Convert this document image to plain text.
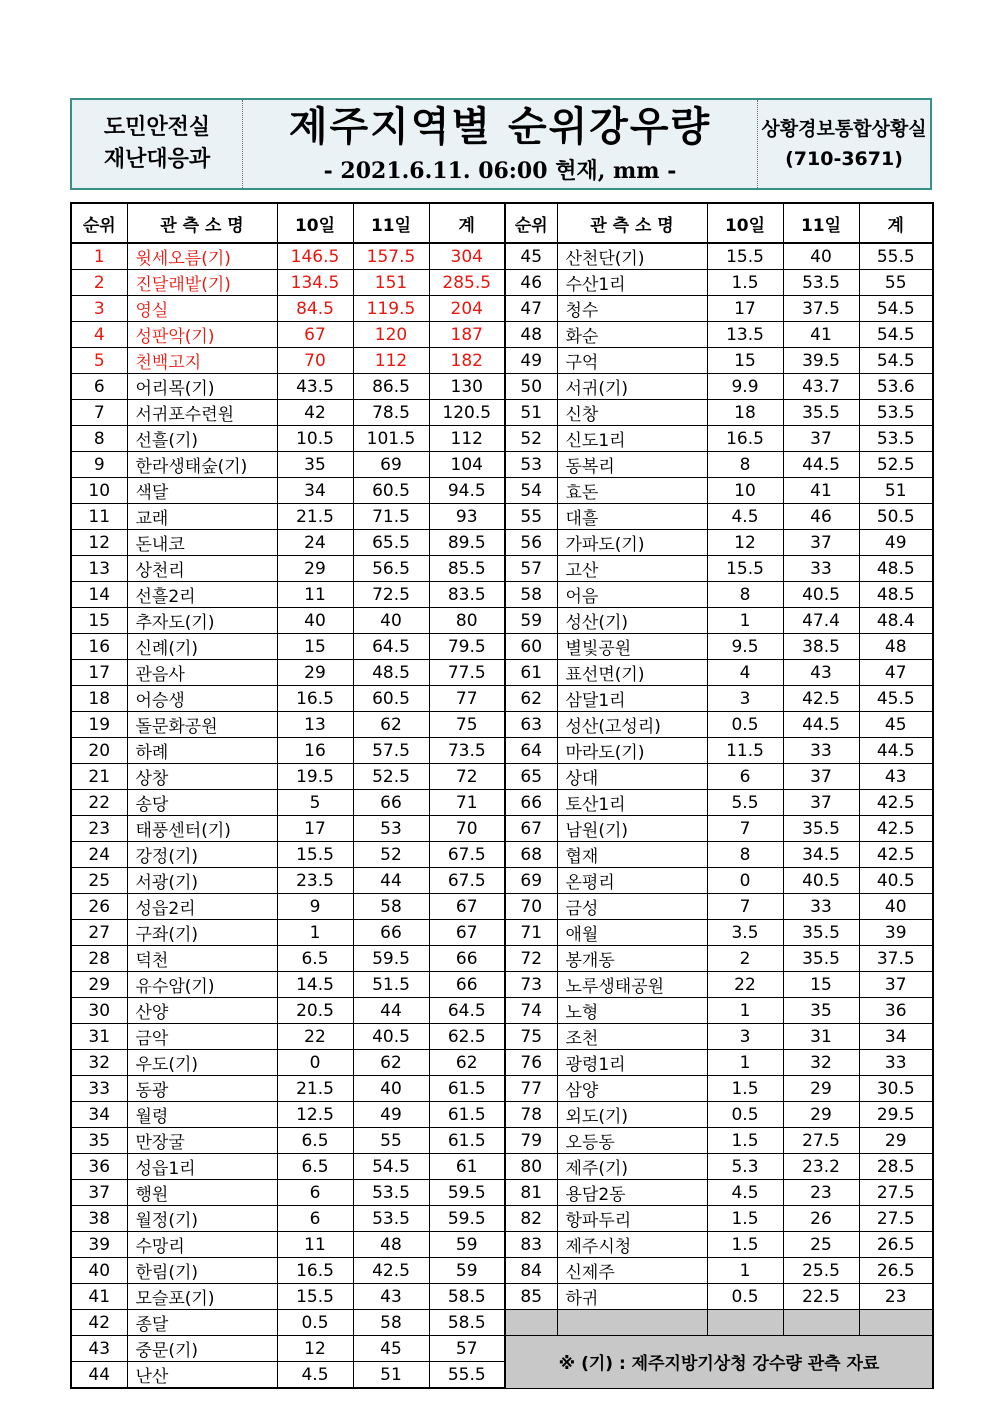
도민안전실
재난대응과
제주지역별 순위강우량
- 2021.6.11. 06:00 현재, mm -
상황경보통합상황실
(710-3671)
순위	관 측 소 명	10일	11일	계	순위	관 측 소 명	10일	11일	계
1	윗세오름(기)	146.5	157.5	304	45	산천단(기)	15.5	40	55.5
2	진달래밭(기)	134.5	151	285.5	46	수산1리	1.5	53.5	55
3	영실	84.5	119.5	204	47	청수	17	37.5	54.5
4	성판악(기)	67	120	187	48	화순	13.5	41	54.5
5	천백고지	70	112	182	49	구억	15	39.5	54.5
6	어리목(기)	43.5	86.5	130	50	서귀(기)	9.9	43.7	53.6
7	서귀포수련원	42	78.5	120.5	51	신창	18	35.5	53.5
8	선흘(기)	10.5	101.5	112	52	신도1리	16.5	37	53.5
9	한라생태숲(기)	35	69	104	53	동복리	8	44.5	52.5
10	색달	34	60.5	94.5	54	효돈	10	41	51
11	교래	21.5	71.5	93	55	대흘	4.5	46	50.5
12	돈내코	24	65.5	89.5	56	가파도(기)	12	37	49
13	상천리	29	56.5	85.5	57	고산	15.5	33	48.5
14	선흘2리	11	72.5	83.5	58	어음	8	40.5	48.5
15	추자도(기)	40	40	80	59	성산(기)	1	47.4	48.4
16	신례(기)	15	64.5	79.5	60	별빛공원	9.5	38.5	48
17	관음사	29	48.5	77.5	61	표선면(기)	4	43	47
18	어승생	16.5	60.5	77	62	삼달1리	3	42.5	45.5
19	돌문화공원	13	62	75	63	성산(고성리)	0.5	44.5	45
20	하례	16	57.5	73.5	64	마라도(기)	11.5	33	44.5
21	상창	19.5	52.5	72	65	상대	6	37	43
22	송당	5	66	71	66	토산1리	5.5	37	42.5
23	태풍센터(기)	17	53	70	67	남원(기)	7	35.5	42.5
24	강정(기)	15.5	52	67.5	68	협재	8	34.5	42.5
25	서광(기)	23.5	44	67.5	69	온평리	0	40.5	40.5
26	성읍2리	9	58	67	70	금성	7	33	40
27	구좌(기)	1	66	67	71	애월	3.5	35.5	39
28	덕천	6.5	59.5	66	72	봉개동	2	35.5	37.5
29	유수암(기)	14.5	51.5	66	73	노루생태공원	22	15	37
30	산양	20.5	44	64.5	74	노형	1	35	36
31	금악	22	40.5	62.5	75	조천	3	31	34
32	우도(기)	0	62	62	76	광령1리	1	32	33
33	동광	21.5	40	61.5	77	삼양	1.5	29	30.5
34	월령	12.5	49	61.5	78	외도(기)	0.5	29	29.5
35	만장굴	6.5	55	61.5	79	오등동	1.5	27.5	29
36	성읍1리	6.5	54.5	61	80	제주(기)	5.3	23.2	28.5
37	행원	6	53.5	59.5	81	용담2동	4.5	23	27.5
38	월정(기)	6	53.5	59.5	82	항파두리	1.5	26	27.5
39	수망리	11	48	59	83	제주시청	1.5	25	26.5
40	한림(기)	16.5	42.5	59	84	신제주	1	25.5	26.5
41	모슬포(기)	15.5	43	58.5	85	하귀	0.5	22.5	23
42	종달	0.5	58	58.5					
43	중문(기)	12	45	57	※ (기) : 제주지방기상청 강수량 관측 자료				
44	난산	4.5	51	55.5					
